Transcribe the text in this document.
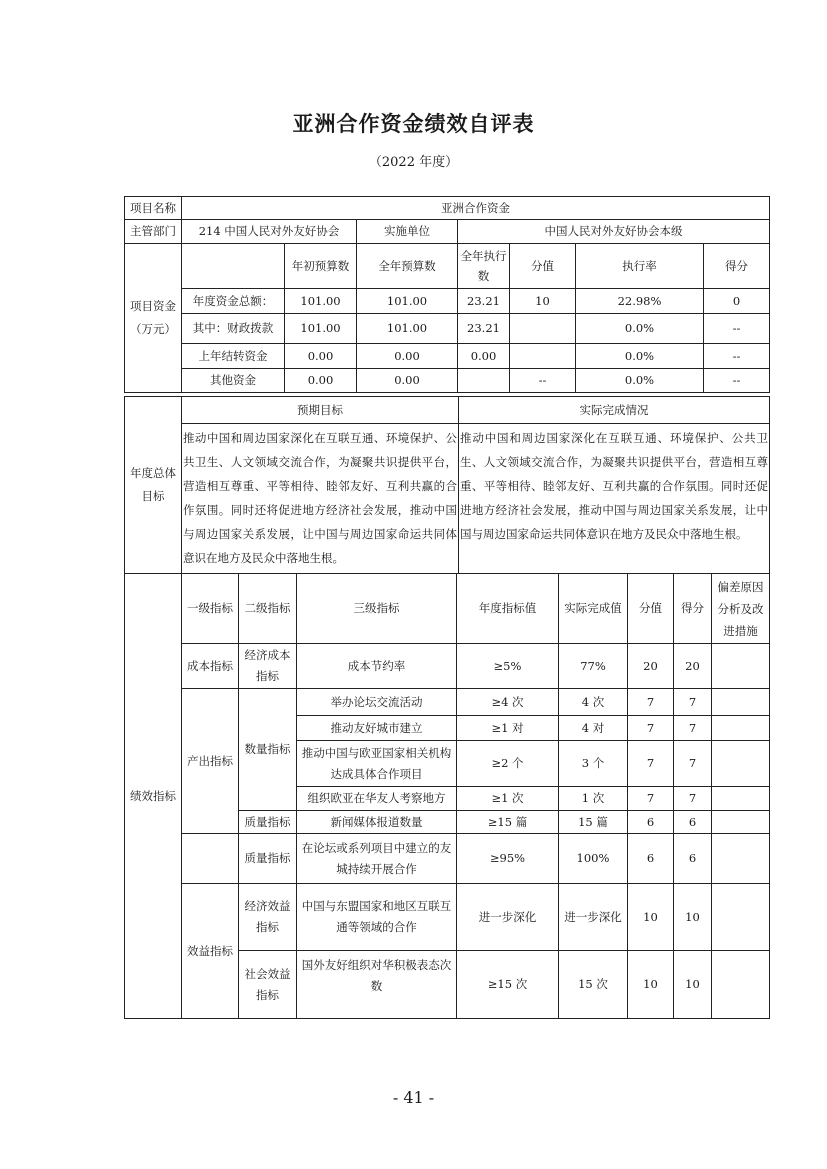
亚洲合作资金绩效自评表
（2022 年度）
项目名称	亚洲合作资金						
主管部门	214 中国人民对外友好协会		实施单位	中国人民对外友好协会本级			
项目资金（万元）		年初预算数	全年预算数	全年执行数	分值	执行率	得分
	年度资金总额：	101.00	101.00	23.21	10	22.98%	0
	其中：财政拨款	101.00	101.00	23.21		0.0%	--
	上年结转资金	0.00	0.00	0.00		0.0%	--
	其他资金	0.00	0.00		--	0.0%	--
年度总体目标	预期目标	实际完成情况
	推动中国和周边国家深化在互联互通、环境保护、公共卫生、人文领域交流合作，为凝聚共识提供平台，营造相互尊重、平等相待、睦邻友好、互利共赢的合作氛围。同时还将促进地方经济社会发展，推动中国与周边国家关系发展，让中国与周边国家命运共同体意识在地方及民众中落地生根。	推动中国和周边国家深化在互联互通、环境保护、公共卫生、人文领域交流合作，为凝聚共识提供平台，营造相互尊重、平等相待、睦邻友好、互利共赢的合作氛围。同时还促进地方经济社会发展，推动中国与周边国家关系发展，让中国与周边国家命运共同体意识在地方及民众中落地生根。
绩效指标	一级指标	二级指标	三级指标	年度指标值	实际完成值	分值	得分	偏差原因分析及改进措施
	成本指标	经济成本指标	成本节约率	≥5%	77%	20	20	
	产出指标	数量指标	举办论坛交流活动	≥4 次	4 次	7	7	
			推动友好城市建立	≥1 对	4 对	7	7	
			推动中国与欧亚国家相关机构达成具体合作项目	≥2 个	3 个	7	7	
			组织欧亚在华友人考察地方	≥1 次	1 次	7	7	
		质量指标	新闻媒体报道数量	≥15 篇	15 篇	6	6	
		质量指标	在论坛或系列项目中建立的友城持续开展合作	≥95%	100%	6	6	
	效益指标	经济效益指标	中国与东盟国家和地区互联互通等领域的合作	进一步深化	进一步深化	10	10	
		社会效益指标	国外友好组织对华积极表态次数	≥15 次	15 次	10	10	
- 41 -
